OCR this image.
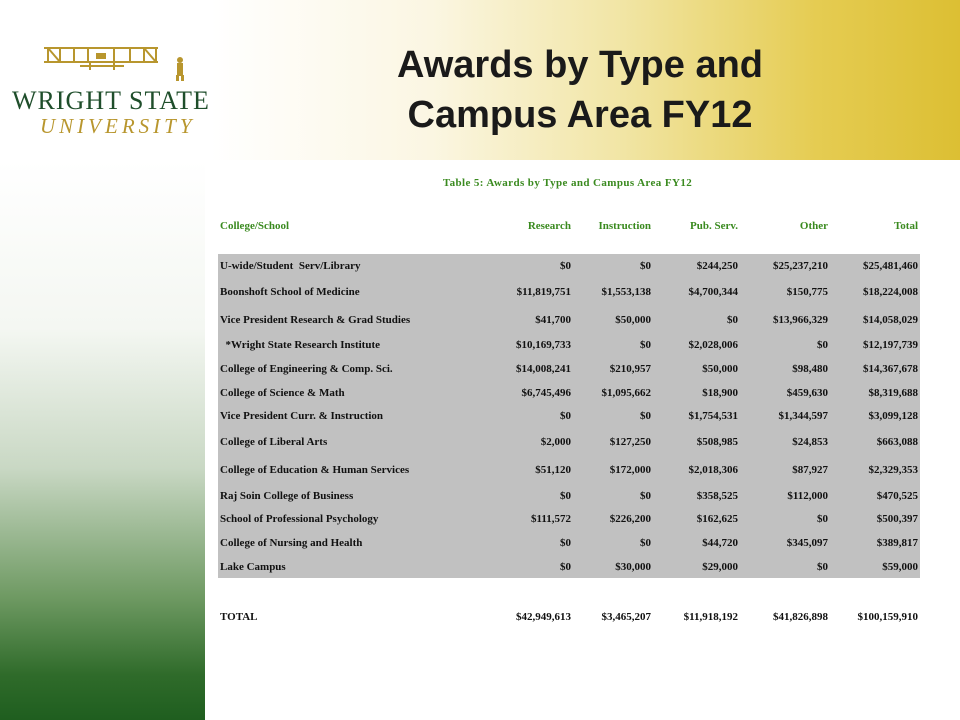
WRIGHT STATE
UNIVERSITY
Awards by Type and
Campus Area FY12
Table 5: Awards by Type and Campus Area FY12
College/School	Research	Instruction	Pub. Serv.	Other	Total

U-wide/Student  Serv/Library	$0	$0	$244,250	$25,237,210	$25,481,460
Boonshoft School of Medicine	$11,819,751	$1,553,138	$4,700,344	$150,775	$18,224,008
Vice President Research & Grad Studies	$41,700	$50,000	$0	$13,966,329	$14,058,029
*Wright State Research Institute	$10,169,733	$0	$2,028,006	$0	$12,197,739
College of Engineering & Comp. Sci.	$14,008,241	$210,957	$50,000	$98,480	$14,367,678
College of Science & Math	$6,745,496	$1,095,662	$18,900	$459,630	$8,319,688
Vice President Curr. & Instruction	$0	$0	$1,754,531	$1,344,597	$3,099,128
College of Liberal Arts	$2,000	$127,250	$508,985	$24,853	$663,088
College of Education & Human Services	$51,120	$172,000	$2,018,306	$87,927	$2,329,353
Raj Soin College of Business	$0	$0	$358,525	$112,000	$470,525
School of Professional Psychology	$111,572	$226,200	$162,625	$0	$500,397
College of Nursing and Health	$0	$0	$44,720	$345,097	$389,817
Lake Campus	$0	$30,000	$29,000	$0	$59,000

TOTAL	$42,949,613	$3,465,207	$11,918,192	$41,826,898	$100,159,910
